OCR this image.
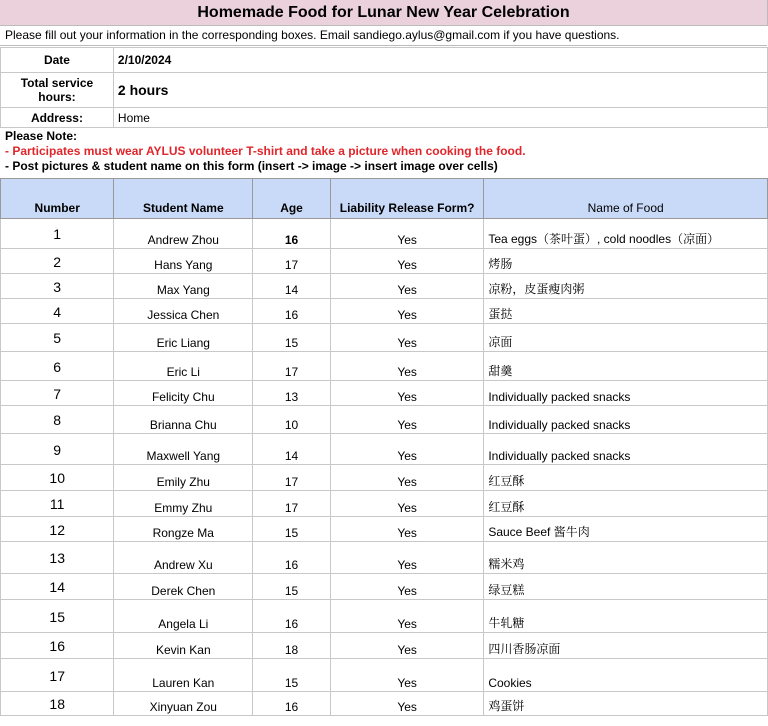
Homemade Food for Lunar New Year Celebration
Please fill out your information in the corresponding boxes. Email sandiego.aylus@gmail.com if you have questions.
Date	2/10/2024
Total service hours:	2 hours
Address:	Home
Please Note:
- Participates must wear AYLUS volunteer T-shirt and take a picture when cooking the food.
- Post pictures & student name on this form (insert -> image -> insert image over cells)
Number	Student Name	Age	Liability Release Form?	Name of Food
1	Andrew Zhou	16	Yes	Tea eggs（茶叶蛋）, cold noodles（凉面）
2	Hans Yang	17	Yes	烤肠
3	Max Yang	14	Yes	凉粉，皮蛋瘦肉粥
4	Jessica Chen	16	Yes	蛋挞
5	Eric Liang	15	Yes	凉面
6	Eric Li	17	Yes	甜羹
7	Felicity Chu	13	Yes	Individually packed snacks
8	Brianna Chu	10	Yes	Individually packed snacks
9	Maxwell Yang	14	Yes	Individually packed snacks
10	Emily Zhu	17	Yes	红豆酥
11	Emmy Zhu	17	Yes	红豆酥
12	Rongze Ma	15	Yes	Sauce Beef 酱牛肉
13	Andrew Xu	16	Yes	糯米鸡
14	Derek Chen	15	Yes	绿豆糕
15	Angela Li	16	Yes	牛轧糖
16	Kevin Kan	18	Yes	四川香肠凉面
17	Lauren Kan	15	Yes	Cookies
18	Xinyuan Zou	16	Yes	鸡蛋饼
